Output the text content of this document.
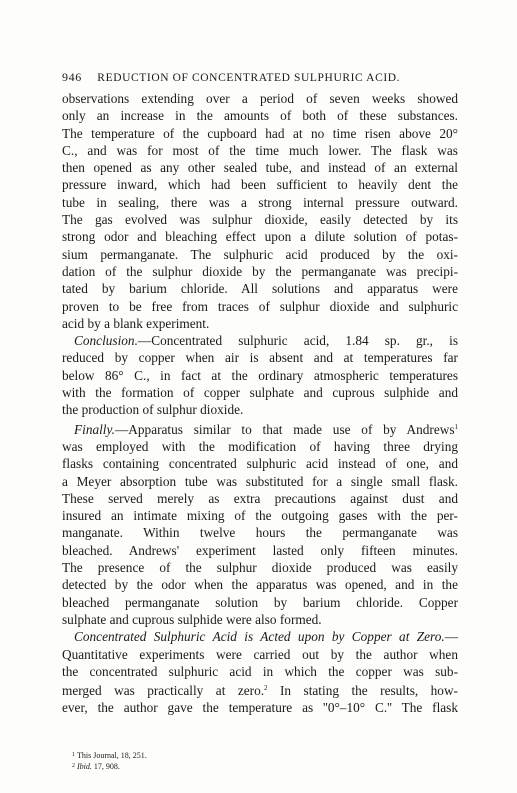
946 REDUCTION OF CONCENTRATED SULPHURIC ACID.
observations extending over a period of seven weeks showed
only an increase in the amounts of both of these substances.
The temperature of the cupboard had at no time risen above 20°
C., and was for most of the time much lower. The flask was
then opened as any other sealed tube, and instead of an external
pressure inward, which had been sufficient to heavily dent the
tube in sealing, there was a strong internal pressure outward.
The gas evolved was sulphur dioxide, easily detected by its
strong odor and bleaching effect upon a dilute solution of potas-
sium permanganate. The sulphuric acid produced by the oxi-
dation of the sulphur dioxide by the permanganate was precipi-
tated by barium chloride. All solutions and apparatus were
proven to be free from traces of sulphur dioxide and sulphuric
acid by a blank experiment.
Conclusion.—Concentrated sulphuric acid, 1.84 sp. gr., is
reduced by copper when air is absent and at temperatures far
below 86° C., in fact at the ordinary atmospheric temperatures
with the formation of copper sulphate and cuprous sulphide and
the production of sulphur dioxide.
Finally.—Apparatus similar to that made use of by Andrews$^1$
was employed with the modification of having three drying
flasks containing concentrated sulphuric acid instead of one, and
a Meyer absorption tube was substituted for a single small flask.
These served merely as extra precautions against dust and
insured an intimate mixing of the outgoing gases with the per-
manganate. Within twelve hours the permanganate was
bleached. Andrews' experiment lasted only fifteen minutes.
The presence of the sulphur dioxide produced was easily
detected by the odor when the apparatus was opened, and in the
bleached permanganate solution by barium chloride. Copper
sulphate and cuprous sulphide were also formed.
Concentrated Sulphuric Acid is Acted upon by Copper at Zero.—
Quantitative experiments were carried out by the author when
the concentrated sulphuric acid in which the copper was sub-
merged was practically at zero.$^2$ In stating the results, how-
ever, the author gave the temperature as ''0°–10° C.'' The flask
$^1$ This Journal, 18, 251.
$^2$ Ibid. 17, 908.
